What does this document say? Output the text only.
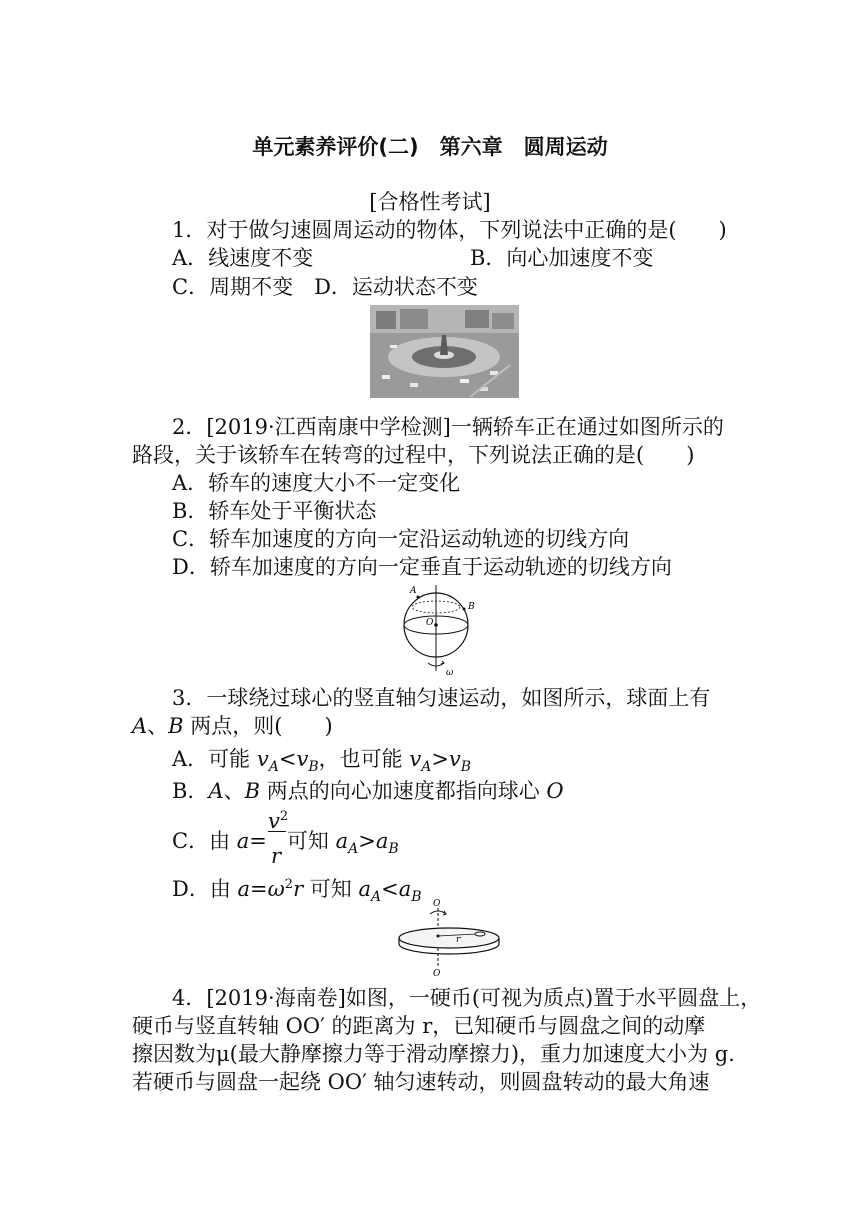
单元素养评价(二)　第六章　圆周运动
[合格性考试]
1．对于做匀速圆周运动的物体，下列说法中正确的是(　　)
A．线速度不变	B．向心加速度不变
C．周期不变　D．运动状态不变
2．[2019·江西南康中学检测]一辆轿车正在通过如图所示的
路段，关于该轿车在转弯的过程中，下列说法正确的是(　　)
A．轿车的速度大小不一定变化
B．轿车处于平衡状态
C．轿车加速度的方向一定沿运动轨迹的切线方向
D．轿车加速度的方向一定垂直于运动轨迹的切线方向
A
B
O
ω
3．一球绕过球心的竖直轴匀速运动，如图所示，球面上有
A、B 两点，则(　　)
A．可能 $v_A<v_B$，也可能 $v_A>v_B$
B．A、B 两点的向心加速度都指向球心 O
C．由 a= 可知 $a_A>a_B$
$v^2$
r
D．由 $a=\omega^2r$ 可知 $a_A<a_B$ O
O
r
4．[2019·海南卷]如图，一硬币(可视为质点)置于水平圆盘上，
硬币与竖直转轴 OO′ 的距离为 r，已知硬币与圆盘之间的动摩
擦因数为μ(最大静摩擦力等于滑动摩擦力)，重力加速度大小为 g.
若硬币与圆盘一起绕 OO′ 轴匀速转动，则圆盘转动的最大角速
